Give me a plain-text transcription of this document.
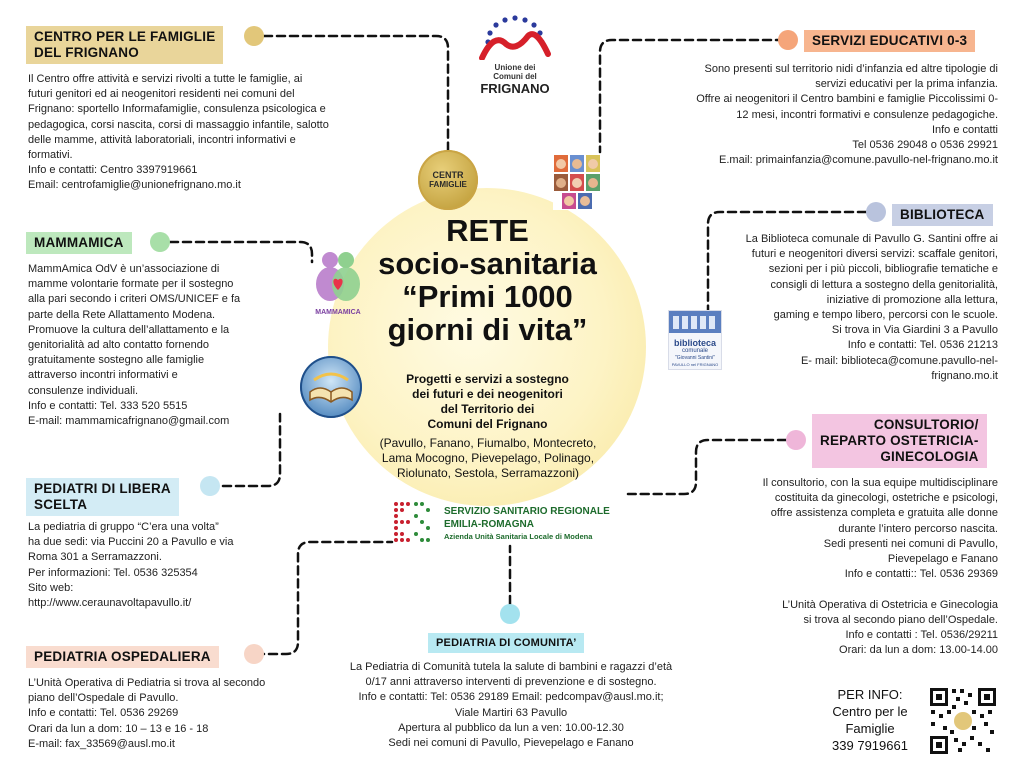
RETE
socio-sanitaria
“Primi 1000
giorni di vita”

Progetti e servizi a sostegno
dei futuri e dei neogenitori
del Territorio dei
Comuni del Frignano

(Pavullo, Fanano, Fiumalbo, Montecreto, Lama Mocogno, Pievepelago, Polinago, Riolunato, Sestola, Serramazzoni)
Unione dei
Comuni del
FRIGNANO
CENTR
FAMIGLIE
MAMMAMICA
biblioteca
comunale
"Giovanni Santini"
PAVULLO nel FRIGNANO
SERVIZIO SANITARIO REGIONALE
EMILIA-ROMAGNA
Azienda Unità Sanitaria Locale di Modena
CENTRO PER LE FAMIGLIE
DEL FRIGNANO

Il Centro offre attività e servizi rivolti a tutte le famiglie, ai
futuri genitori ed ai neogenitori residenti nei comuni del
Frignano: sportello Informafamiglie, consulenza psicologica e
pedagogica, corsi nascita, corsi di massaggio infantile, salotto
delle mamme, attività laboratoriali, incontri informativi e
formativi.
Info e contatti: Centro 3397919661
Email: centrofamiglie@unionefrignano.mo.it

MAMMAMICA

MammAmica OdV è un’associazione di
mamme volontarie formate per il sostegno
alla pari secondo i criteri OMS/UNICEF e fa
parte della Rete Allattamento Modena.
Promuove la cultura dell’allattamento e la
genitorialità ad alto contatto fornendo
gratuitamente sostegno alle famiglie
attraverso incontri informativi e
consulenze individuali.
Info e contatti: Tel. 333 520 5515
E-mail: mammamicafrignano@gmail.com

PEDIATRI DI LIBERA
SCELTA

La pediatria di gruppo “C’era una volta”
ha due sedi: via Puccini 20 a Pavullo e via
Roma 301 a Serramazzoni.
Per informazioni: Tel. 0536 325354
Sito web:
http://www.ceraunavoltapavullo.it/

PEDIATRIA OSPEDALIERA

L’Unità Operativa di Pediatria si trova al secondo
piano dell’Ospedale di Pavullo.
Info e contatti: Tel. 0536 29269
Orari da lun a dom: 10 – 13 e 16 - 18
E-mail: fax_33569@ausl.mo.it

SERVIZI EDUCATIVI 0-3

Sono presenti sul territorio nidi d’infanzia ed altre tipologie di
servizi educativi per la prima infanzia.
Offre ai neogenitori il Centro bambini e famiglie Piccolissimi 0-
12 mesi, incontri formativi e consulenze pedagogiche.
Info e contatti
Tel 0536 29048 o 0536 29921
E.mail: primainfanzia@comune.pavullo-nel-frignano.mo.it

BIBLIOTECA

La Biblioteca comunale di Pavullo G. Santini offre ai
futuri e neogenitori diversi servizi: scaffale genitori,
sezioni per i più piccoli, bibliografie tematiche e
consigli di lettura a sostegno della genitorialità,
iniziative di promozione alla lettura,
gaming e tempo libero, percorsi con le scuole.
Si trova in Via Giardini 3 a Pavullo
Info e contatti: Tel. 0536 21213
E- mail: biblioteca@comune.pavullo-nel-
frignano.mo.it

CONSULTORIO/
REPARTO OSTETRICIA-
GINECOLOGIA

Il consultorio, con la sua equipe multidisciplinare
costituita da ginecologi, ostetriche e psicologi,
offre assistenza completa e gratuita alle donne
durante l’intero percorso nascita.
Sedi presenti nei comuni di Pavullo,
Pievepelago e Fanano
Info e contatti:: Tel. 0536 29369

L’Unità Operativa di Ostetricia e Ginecologia
si trova al secondo piano dell’Ospedale.
Info e contatti : Tel. 0536/29211
Orari: da lun a dom: 13.00-14.00

PEDIATRIA DI COMUNITA’

La Pediatria di Comunità tutela la salute di bambini e ragazzi d’età
0/17 anni attraverso interventi di prevenzione e di sostegno.
Info e contatti: Tel: 0536 29189 Email: pedcompav@ausl.mo.it;
Viale Martiri 63 Pavullo
Apertura al pubblico da lun a ven: 10.00-12.30
Sedi nei comuni di Pavullo, Pievepelago e Fanano

PER INFO:
Centro per le
Famiglie
339 7919661
